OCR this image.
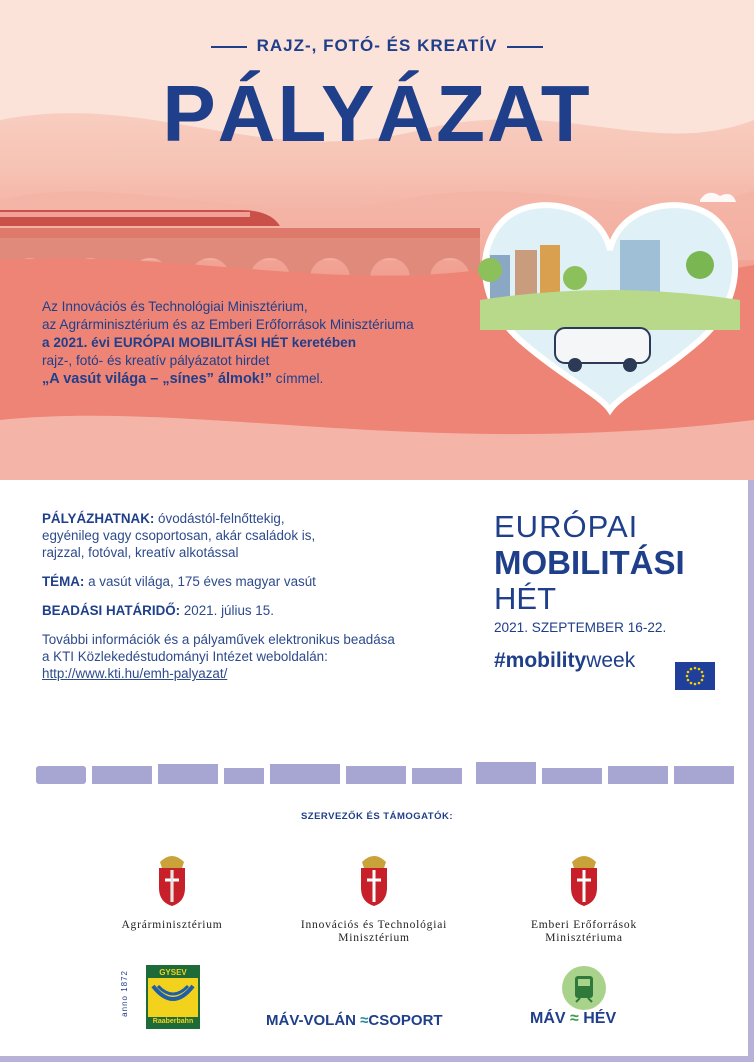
RAJZ-, FOTÓ- ÉS KREATÍV
PÁLYÁZAT
Az Innovációs és Technológiai Minisztérium,
az Agrárminisztérium és az Emberi Erőforrások Minisztériuma
a 2021. évi EURÓPAI MOBILITÁSI HÉT keretében
rajz-, fotó- és kreatív pályázatot hirdet
„A vasút világa – „sínes” álmok!” címmel.

PÁLYÁZHATNAK: óvodástól-felnőttekig,
egyénileg vagy csoportosan, akár családok is,
rajzzal, fotóval, kreatív alkotással

TÉMA: a vasút világa, 175 éves magyar vasút

BEADÁSI HATÁRIDŐ: 2021. július 15.

További információk és a pályaművek elektronikus beadása
a KTI Közlekedéstudományi Intézet weboldalán:
http://www.kti.hu/emh-palyazat/

EURÓPAI
MOBILITÁSI
HÉT
2021. SZEPTEMBER 16-22.
#mobilityweek
SZERVEZŐK ÉS TÁMOGATÓK:
Agrárminisztérium	Innovációs és Technológiai
Minisztérium
Emberi Erőforrások
Minisztériuma
anno 1872	GYSEV
Raaberbahn	MÁV-VOLÁN ≈CSOPORT	MÁV ≈ HÉV
